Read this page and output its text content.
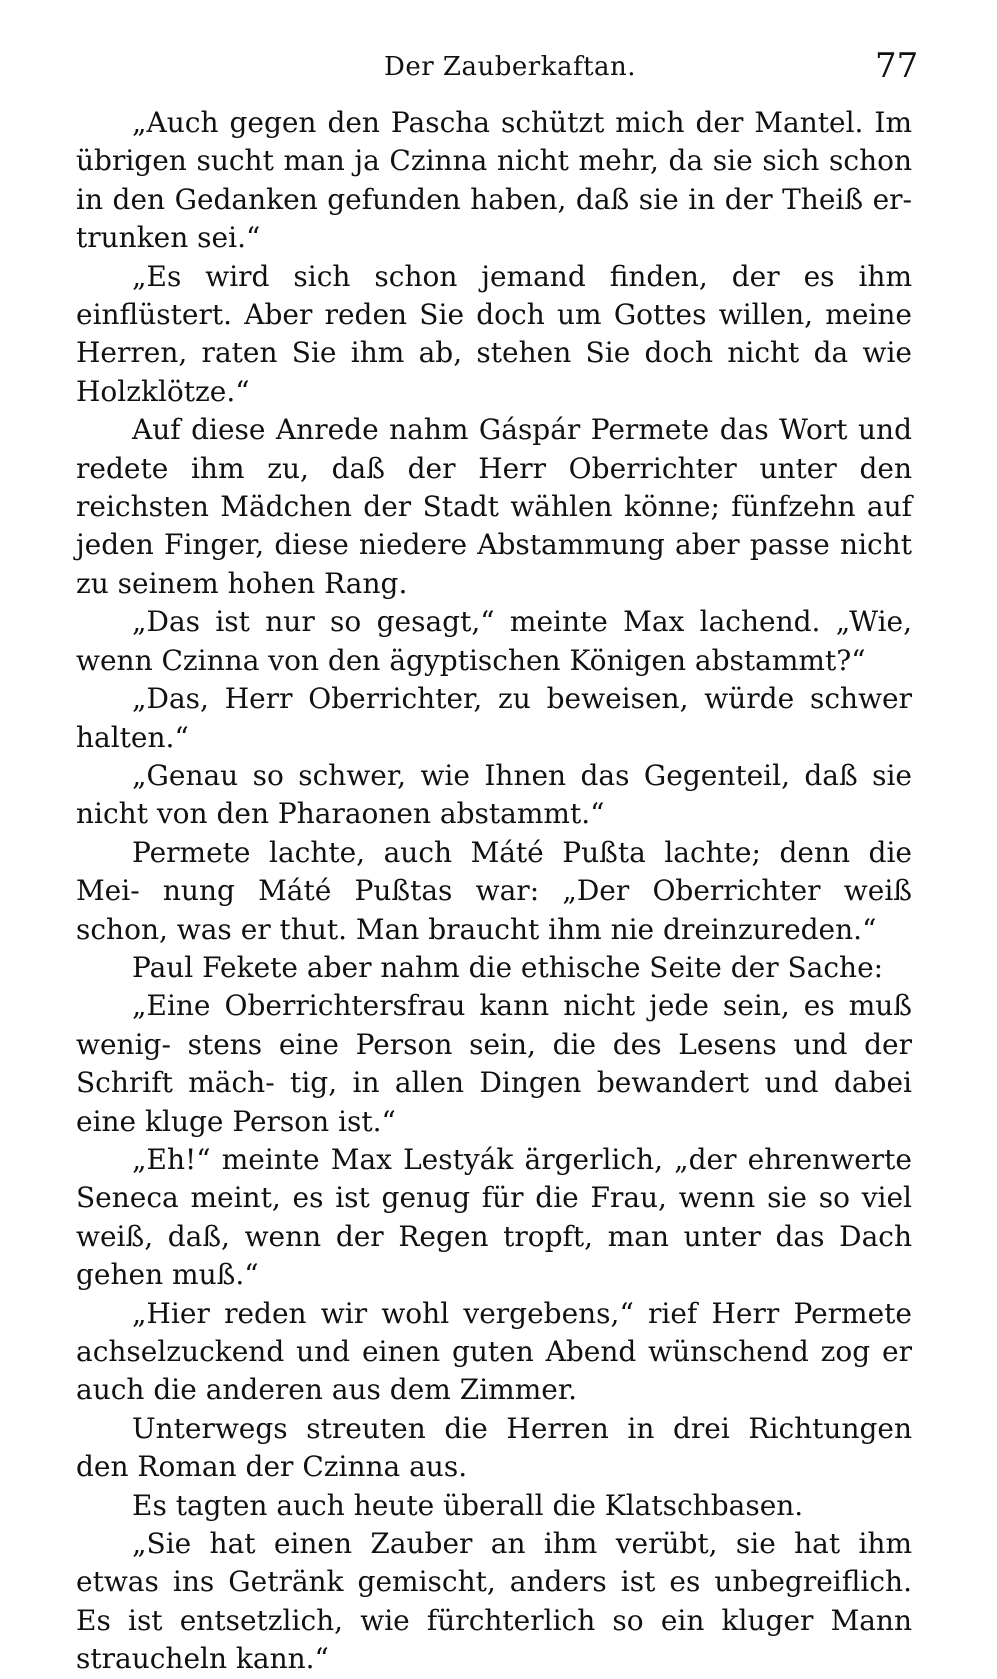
Der Zauberkaftan.	77

„Auch gegen den Pascha schützt mich der Mantel. Im übrigen sucht man ja Czinna nicht mehr, da sie sich schon in den Gedanken gefunden haben, daß sie in der Theiß er- trunken sei.“

„Es wird sich schon jemand finden, der es ihm einflüstert. Aber reden Sie doch um Gottes willen, meine Herren, raten Sie ihm ab, stehen Sie doch nicht da wie Holzklötze.“

Auf diese Anrede nahm Gáspár Permete das Wort und redete ihm zu, daß der Herr Oberrichter unter den reichsten Mädchen der Stadt wählen könne; fünfzehn auf jeden Finger, diese niedere Abstammung aber passe nicht zu seinem hohen Rang.

„Das ist nur so gesagt,“ meinte Max lachend. „Wie, wenn Czinna von den ägyptischen Königen abstammt?“

„Das, Herr Oberrichter, zu beweisen, würde schwer halten.“

„Genau so schwer, wie Ihnen das Gegenteil, daß sie nicht von den Pharaonen abstammt.“

Permete lachte, auch Máté Pußta lachte; denn die Mei- nung Máté Pußtas war: „Der Oberrichter weiß schon, was er thut. Man braucht ihm nie dreinzureden.“

Paul Fekete aber nahm die ethische Seite der Sache:

„Eine Oberrichtersfrau kann nicht jede sein, es muß wenig- stens eine Person sein, die des Lesens und der Schrift mäch- tig, in allen Dingen bewandert und dabei eine kluge Person ist.“

„Eh!“ meinte Max Lestyák ärgerlich, „der ehrenwerte Seneca meint, es ist genug für die Frau, wenn sie so viel weiß, daß, wenn der Regen tropft, man unter das Dach gehen muß.“

„Hier reden wir wohl vergebens,“ rief Herr Permete achselzuckend und einen guten Abend wünschend zog er auch die anderen aus dem Zimmer.

Unterwegs streuten die Herren in drei Richtungen den Roman der Czinna aus.

Es tagten auch heute überall die Klatschbasen.

„Sie hat einen Zauber an ihm verübt, sie hat ihm etwas ins Getränk gemischt, anders ist es unbegreiflich. Es ist entsetzlich, wie fürchterlich so ein kluger Mann straucheln kann.“
